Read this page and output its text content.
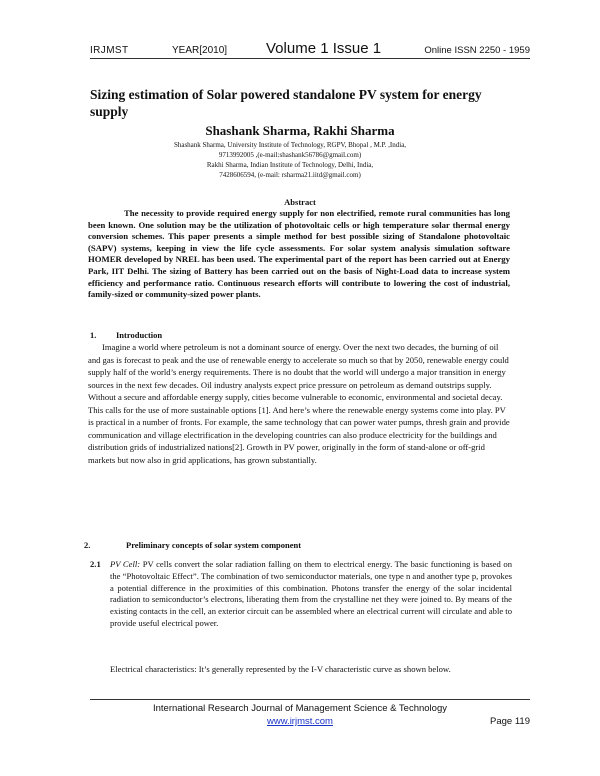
IRJMST	YEAR[2010]	Volume 1 Issue 1	Online ISSN 2250 - 1959
Sizing estimation of Solar powered standalone PV system for energy supply
Shashank Sharma, Rakhi Sharma
Shashank Sharma, University Institute of Technology, RGPV, Bhopal , M.P. ,India,
9713992005 ,(e-mail:shashank56786@gmail.com)
Rakhi Sharma, Indian Institute of Technology, Delhi, India,
7428606594, (e-mail: rsharma21.iitd@gmail.com)
Abstract
The necessity to provide required energy supply for non electrified, remote rural communities has long been known. One solution may be the utilization of photovoltaic cells or high temperature solar thermal energy conversion schemes. This paper presents a simple method for best possible sizing of Standalone photovoltaic (SAPV) systems, keeping in view the life cycle assessments. For solar system analysis simulation software HOMER developed by NREL has been used. The experimental part of the report has been carried out at Energy Park, IIT Delhi. The sizing of Battery has been carried out on the basis of Night-Load data to increase system efficiency and performance ratio. Continuous research efforts will contribute to lowering the cost of industrial, family-sized or community-sized power plants.
1. Introduction
Imagine a world where petroleum is not a dominant source of energy. Over the next two decades, the burning of oil and gas is forecast to peak and the use of renewable energy to accelerate so much so that by 2050, renewable energy could supply half of the world’s energy requirements. There is no doubt that the world will undergo a major transition in energy sources in the next few decades. Oil industry analysts expect price pressure on petroleum as demand outstrips supply. Without a secure and affordable energy supply, cities become vulnerable to economic, environmental and societal decay. This calls for the use of more sustainable options [1]. And here’s where the renewable energy systems come into play. PV is practical in a number of fronts. For example, the same technology that can power water pumps, thresh grain and provide communication and village electrification in the developing countries can also produce electricity for the buildings and distribution grids of industrialized nations[2]. Growth in PV power, originally in the form of stand-alone or off-grid markets but now also in grid applications, has grown substantially.
2.	Preliminary concepts of solar system component
2.1 PV Cell: PV cells convert the solar radiation falling on them to electrical energy. The basic functioning is based on the “Photovoltaic Effect”. The combination of two semiconductor materials, one type n and another type p, provokes a potential difference in the proximities of this combination. Photons transfer the energy of the solar incidental radiation to semiconductor’s electrons, liberating them from the crystalline net they were joined to. By means of the existing contacts in the cell, an exterior circuit can be assembled where an electrical current will circulate and able to provide useful electrical power.
Electrical characteristics: It’s generally represented by the I-V characteristic curve as shown below.
International Research Journal of Management Science & Technology
www.irjmst.com	Page 119
